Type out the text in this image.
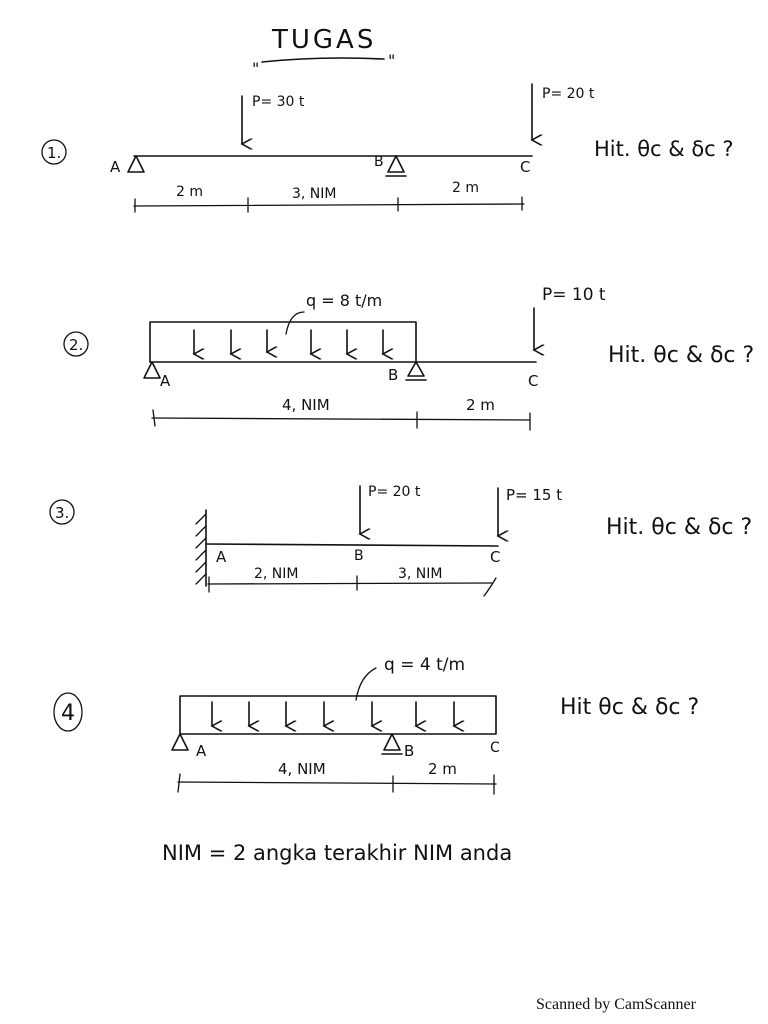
TUGAS
"	"
1.
A	B	C
P= 30 t	P= 20 t
2 m	3, NIM	2 m
Hit. θc & δc ?
2.
q = 8 t/m
A	B	C
P= 10 t
4, NIM	2 m
Hit. θc & δc ?
3.
A	B	C
P= 20 t	P= 15 t
2, NIM	3, NIM
Hit. θc & δc ?
4
q = 4 t/m
A	B	C
4, NIM	2 m
Hit θc & δc ?
NIM = 2 angka terakhir NIM anda
Scanned by CamScanner
